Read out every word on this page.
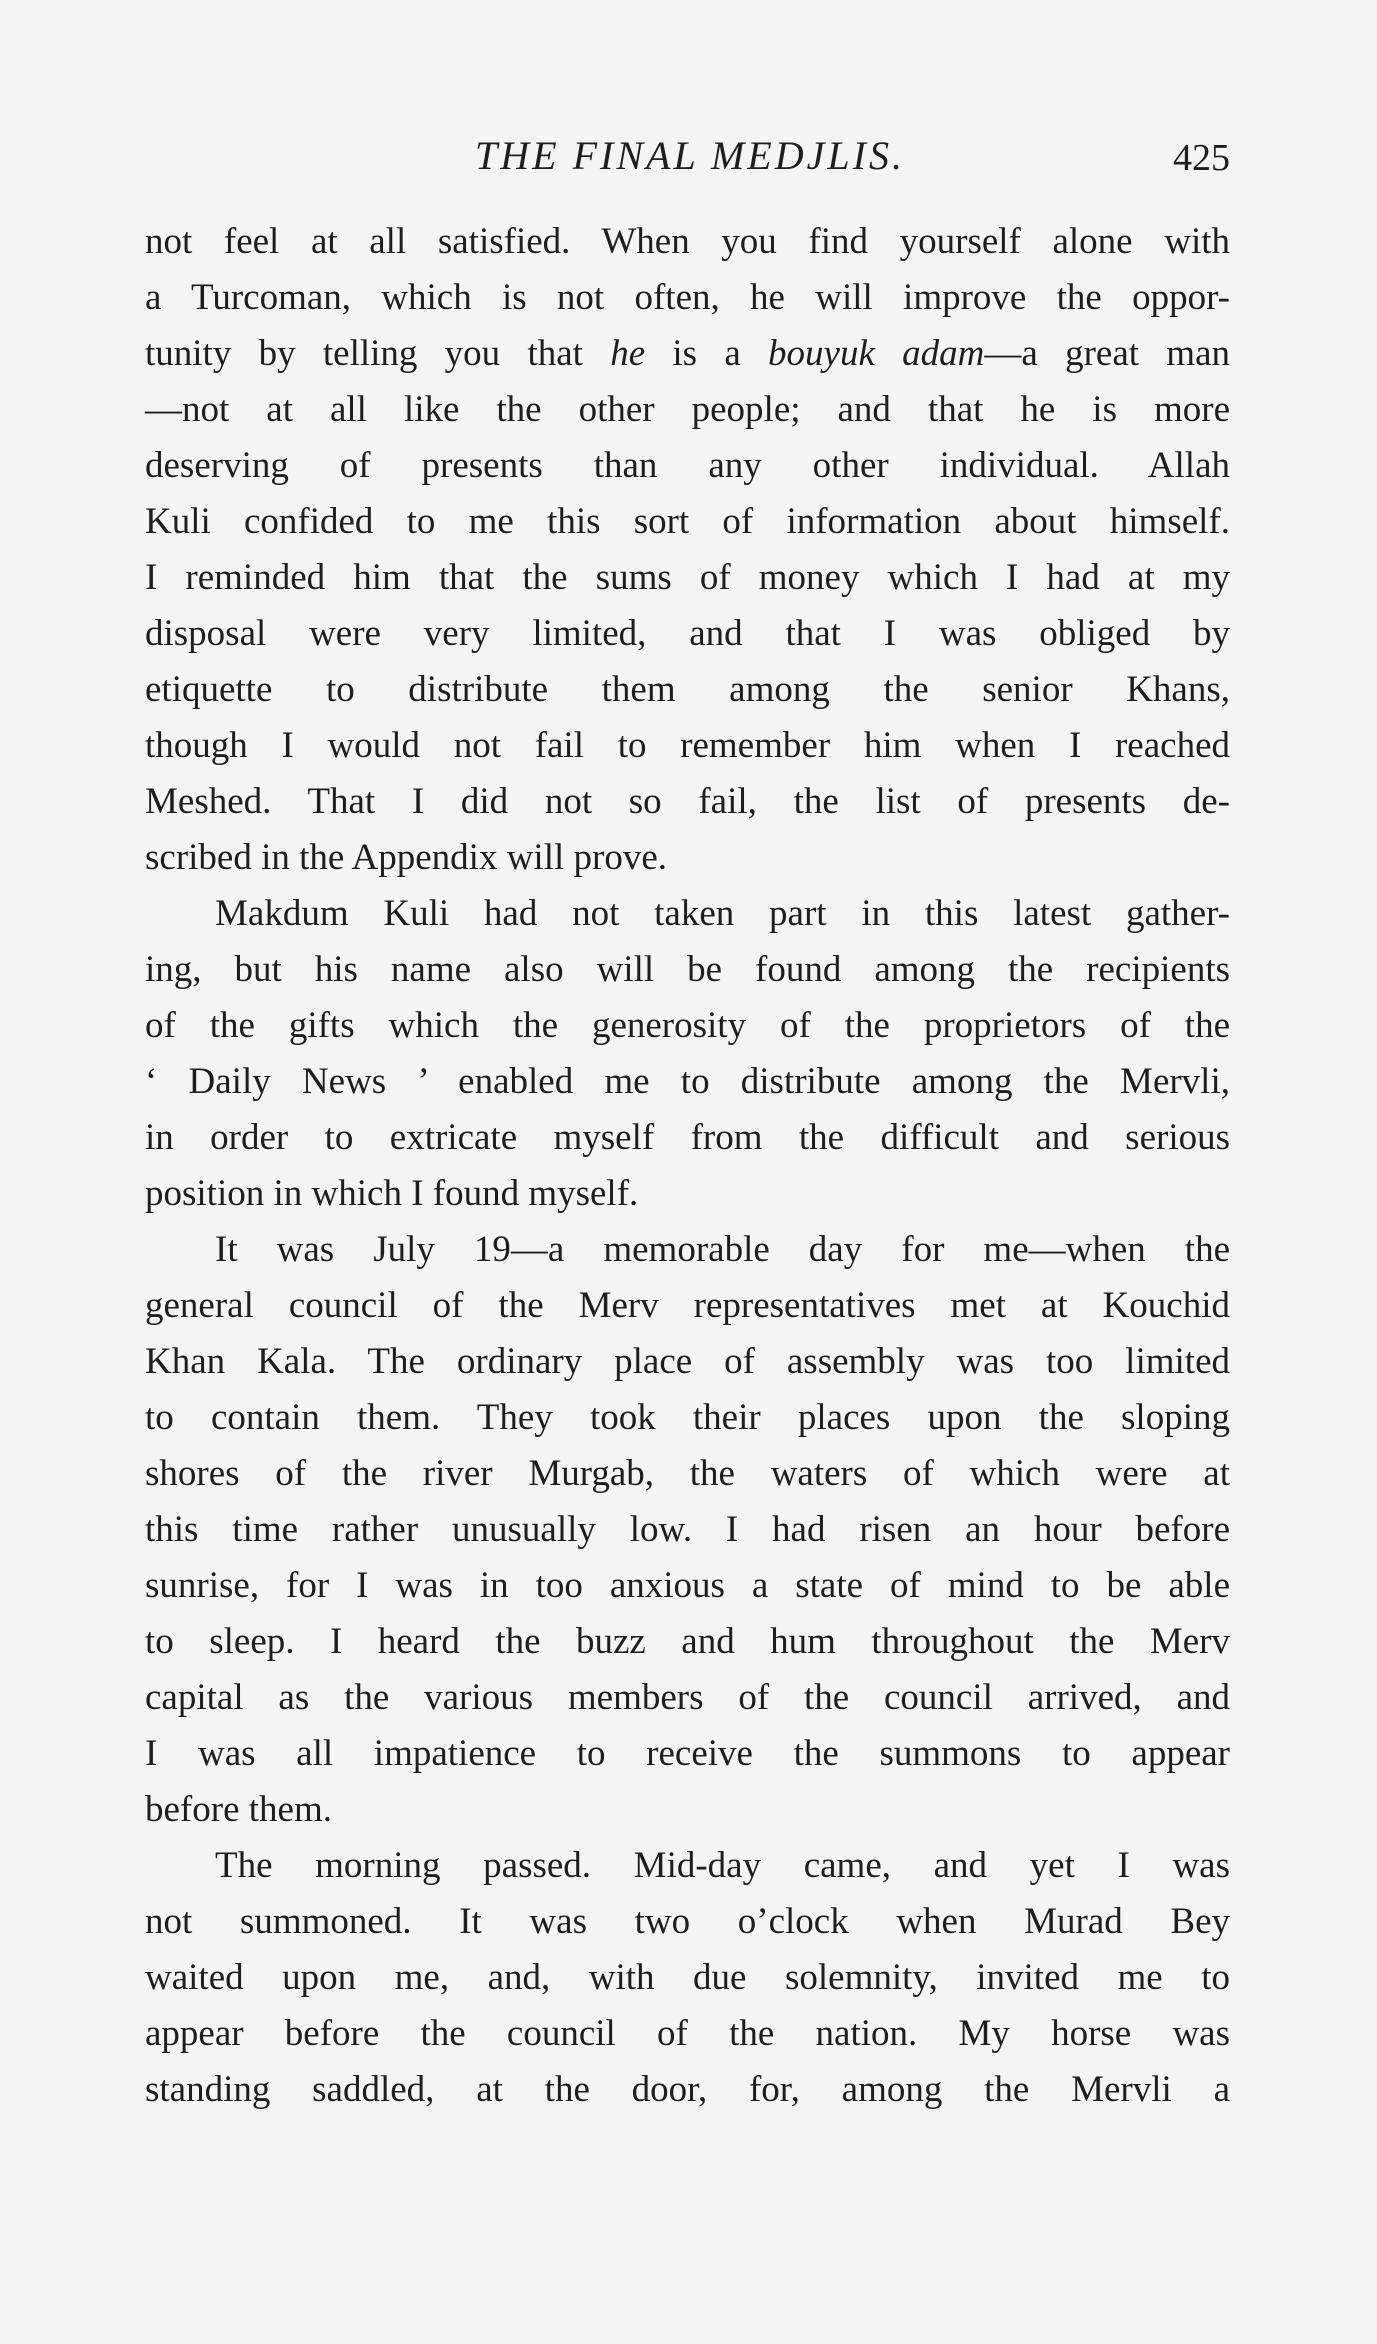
THE FINAL MEDJLIS.	425
not feel at all satisfied. When you find yourself alone with
a Turcoman, which is not often, he will improve the oppor-
tunity by telling you that he is a bouyuk adam—a great man
—not at all like the other people; and that he is more
deserving of presents than any other individual. Allah
Kuli confided to me this sort of information about himself.
I reminded him that the sums of money which I had at my
disposal were very limited, and that I was obliged by
etiquette to distribute them among the senior Khans,
though I would not fail to remember him when I reached
Meshed. That I did not so fail, the list of presents de-
scribed in the Appendix will prove.
Makdum Kuli had not taken part in this latest gather-
ing, but his name also will be found among the recipients
of the gifts which the generosity of the proprietors of the
‘ Daily News ’ enabled me to distribute among the Mervli,
in order to extricate myself from the difficult and serious
position in which I found myself.
It was July 19—a memorable day for me—when the
general council of the Merv representatives met at Kouchid
Khan Kala. The ordinary place of assembly was too limited
to contain them. They took their places upon the sloping
shores of the river Murgab, the waters of which were at
this time rather unusually low. I had risen an hour before
sunrise, for I was in too anxious a state of mind to be able
to sleep. I heard the buzz and hum throughout the Merv
capital as the various members of the council arrived, and
I was all impatience to receive the summons to appear
before them.
The morning passed. Mid-day came, and yet I was
not summoned. It was two o’clock when Murad Bey
waited upon me, and, with due solemnity, invited me to
appear before the council of the nation. My horse was
standing saddled, at the door, for, among the Mervli a
